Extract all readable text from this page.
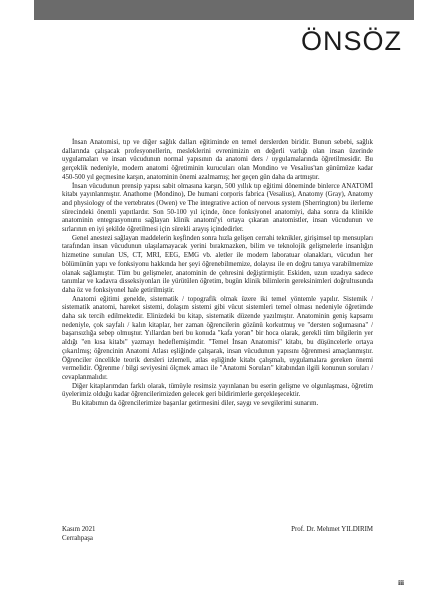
ÖNSÖZ

İnsan Anatomisi, tıp ve diğer sağlık dalları eğitiminde en temel derslerden biridir. Bunun sebebi, sağlık dallarında çalışacak profesyonellerin, mesleklerini evrenimizin en değerli varlığı olan insan üzerinde uygulamaları ve insan vücudunun normal yapısının da anatomi ders / uygulamalarında öğretilmesidir. Bu gerçeklik nedeniyle, modern anatomi öğretiminin kurucuları olan Mondino ve Vesalius'tan günümüze kadar 450-500 yıl geçmesine karşın, anatominin önemi azalmamış; her geçen gün daha da artmıştır.

İnsan vücudunun prensip yapısı sabit olmasına karşın, 500 yıllık tıp eğitimi döneminde binlerce ANATOMİ kitabı yayınlanmıştır. Anathome (Mondino), De humani corporis fabrica (Vesalius), Anatomy (Gray), Anatomy and physiology of the vertebrates (Owen) ve The integrative action of nervous system (Sherrington) bu ilerleme sürecindeki önemli yapıtlardır. Son 50-100 yıl içinde, önce fonksiyonel anatomiyi, daha sonra da klinikle anatominin entegrasyonunu sağlayan klinik anatomi'yi ortaya çıkaran anatomistler, insan vücudunun ve sırlarının en iyi şekilde öğretilmesi için sürekli arayış içindedirler.

Genel anestezi sağlayan maddelerin keşfinden sonra hızla gelişen cerrahi teknikler, girişimsel tıp mensupları tarafından insan vücudunun ulaşılamayacak yerini bırakmazken, bilim ve teknolojik gelişmelerle insanlığın hizmetine sunulan US, CT, MRI, EEG, EMG vb. aletler ile modern laboratuar olanakları, vücudun her bölümünün yapı ve fonksiyonu hakkında her şeyi öğrenebilmemize, dolayısı ile en doğru tanıya varabilmemize olanak sağlamıştır. Tüm bu gelişmeler, anatominin de çehresini değiştirmiştir. Eskiden, uzun uzadıya sadece tanımlar ve kadavra disseksiyonları ile yürütülen öğretim, bugün klinik bilimlerin gereksinimleri doğrultusunda daha öz ve fonksiyonel hale getirilmiştir.

Anatomi eğitimi genelde, sistematik / topografik olmak üzere iki temel yöntemle yapılır. Sistemik / sistematik anatomi, hareket sistemi, dolaşım sistemi gibi vücut sistemleri temel olması nedeniyle öğretimde daha sık tercih edilmektedir. Elinizdeki bu kitap, sistematik düzende yazılmıştır. Anatominin geniş kapsamı nedeniyle, çok sayfalı / kalın kitaplar, her zaman öğrencilerin gözünü korkutmuş ve "dersten soğumasına" / başarısızlığa sebep olmuştur. Yıllardan beri bu konuda "kafa yoran" bir hoca olarak, gerekli tüm bilgilerin yer aldığı "en kısa kitabı" yazmayı hedeflemişimdir. "Temel İnsan Anatomisi" kitabı, bu düşüncelerle ortaya çıkarılmış; öğrencinin Anatomi Atlası eşliğinde çalışarak, insan vücudunun yapısını öğrenmesi amaçlanmıştır. Öğrenciler öncelikle teorik dersleri izlemeli, atlas eşliğinde kitabı çalışmalı, uygulamalara gereken önemi vermelidir. Öğrenme / bilgi seviyesini ölçmek amacı ile "Anatomi Soruları" kitabından ilgili konunun soruları / cevaplanmalıdır.

Diğer kitaplarımdan farklı olarak, tümüyle resimsiz yayınlanan bu eserin gelişme ve olgunlaşması, öğretim üyelerimiz olduğu kadar öğrencilerimizden gelecek geri bildirimlerle gerçekleşecektir.

Bu kitabımın da öğrencilerimize başarılar getirmesini diler, saygı ve sevgilerimi sunarım.

Kasım 2021
Cerrahpaşa
Prof. Dr. Mehmet YILDIRIM
iii
